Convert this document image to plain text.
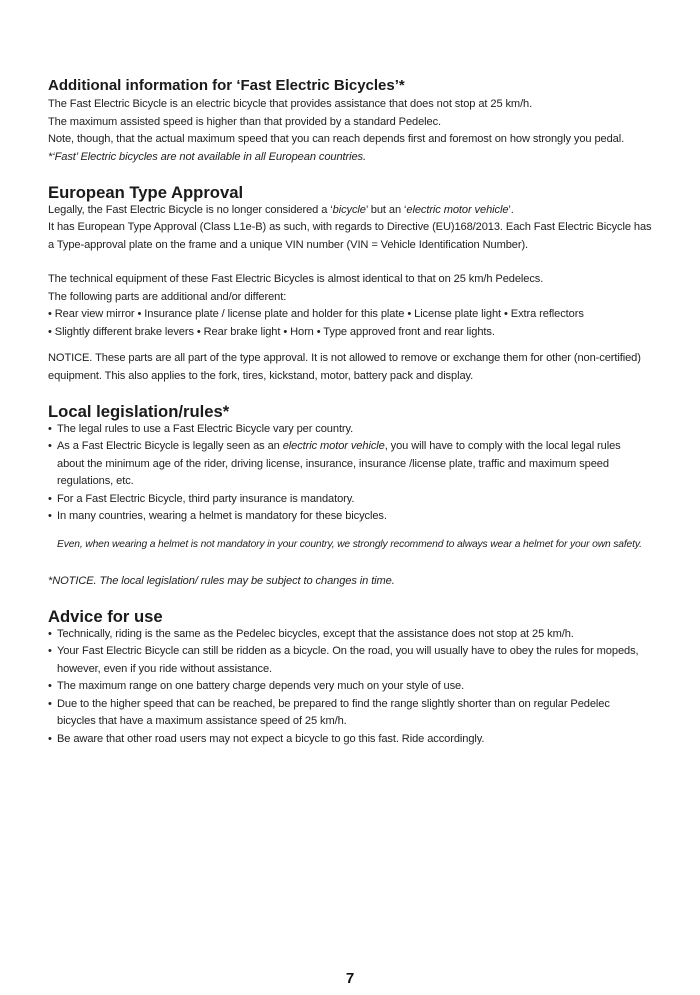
Additional information for ‘Fast Electric Bicycles’*

The Fast Electric Bicycle is an electric bicycle that provides assistance that does not stop at 25 km/h.

The maximum assisted speed is higher than that provided by a standard Pedelec.

Note, though, that the actual maximum speed that you can reach depends first and foremost on how strongly you pedal.

*‘Fast’ Electric bicycles are not available in all European countries.

European Type Approval

Legally, the Fast Electric Bicycle is no longer considered a ‘bicycle’ but an ‘electric motor vehicle’.

It has European Type Approval (Class L1e-B) as such, with regards to Directive (EU)168/2013. Each Fast Electric Bicycle has

a Type-approval plate on the frame and a unique VIN number (VIN = Vehicle Identification Number).

The technical equipment of these Fast Electric Bicycles is almost identical to that on 25 km/h Pedelecs.

The following parts are additional and/or different:

• Rear view mirror • Insurance plate / license plate and holder for this plate • License plate light • Extra reflectors

• Slightly different brake levers • Rear brake light • Horn • Type approved front and rear lights.

NOTICE. These parts are all part of the type approval. It is not allowed to remove or exchange them for other (non-certified)

equipment. This also applies to the fork, tires, kickstand, motor, battery pack and display.

Local legislation/rules*
• The legal rules to use a Fast Electric Bicycle vary per country.
• As a Fast Electric Bicycle is legally seen as an electric motor vehicle, you will have to comply with the local legal rules
about the minimum age of the rider, driving license, insurance, insurance /license plate, traffic and maximum speed
regulations, etc.
• For a Fast Electric Bicycle, third party insurance is mandatory.
• In many countries, wearing a helmet is mandatory for these bicycles.

Even, when wearing a helmet is not mandatory in your country, we strongly recommend to always wear a helmet for your own safety.

*NOTICE. The local legislation/ rules may be subject to changes in time.

Advice for use
• Technically, riding is the same as the Pedelec bicycles, except that the assistance does not stop at 25 km/h.
• Your Fast Electric Bicycle can still be ridden as a bicycle. On the road, you will usually have to obey the rules for mopeds,
however, even if you ride without assistance.
• The maximum range on one battery charge depends very much on your style of use.
• Due to the higher speed that can be reached, be prepared to find the range slightly shorter than on regular Pedelec
bicycles that have a maximum assistance speed of 25 km/h.
• Be aware that other road users may not expect a bicycle to go this fast. Ride accordingly.
7
